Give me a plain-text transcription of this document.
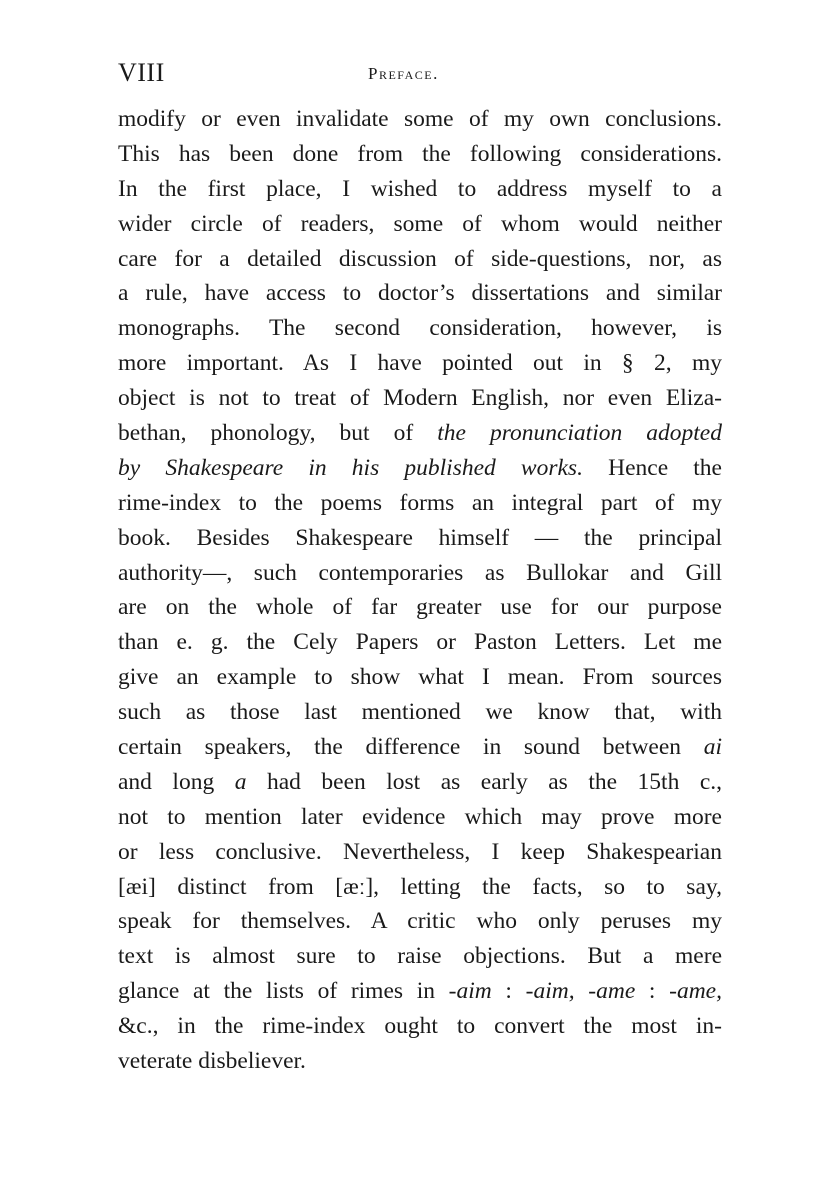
VIII	Preface.
modify or even invalidate some of my own conclusions.
This has been done from the following considerations.
In the first place, I wished to address myself to a
wider circle of readers, some of whom would neither
care for a detailed discussion of side-questions, nor, as
a rule, have access to doctor’s dissertations and similar
monographs. The second consideration, however, is
more important. As I have pointed out in § 2, my
object is not to treat of Modern English, nor even Eliza-
bethan, phonology, but of the pronunciation adopted
by Shakespeare in his published works. Hence the
rime-index to the poems forms an integral part of my
book. Besides Shakespeare himself — the principal
authority—, such contemporaries as Bullokar and Gill
are on the whole of far greater use for our purpose
than e. g. the Cely Papers or Paston Letters. Let me
give an example to show what I mean. From sources
such as those last mentioned we know that, with
certain speakers, the difference in sound between ai
and long a had been lost as early as the 15th c.,
not to mention later evidence which may prove more
or less conclusive. Nevertheless, I keep Shakespearian
[æi] distinct from [æː], letting the facts, so to say,
speak for themselves. A critic who only peruses my
text is almost sure to raise objections. But a mere
glance at the lists of rimes in -aim : -aim, -ame : -ame,
&c., in the rime-index ought to convert the most in-
veterate disbeliever.
